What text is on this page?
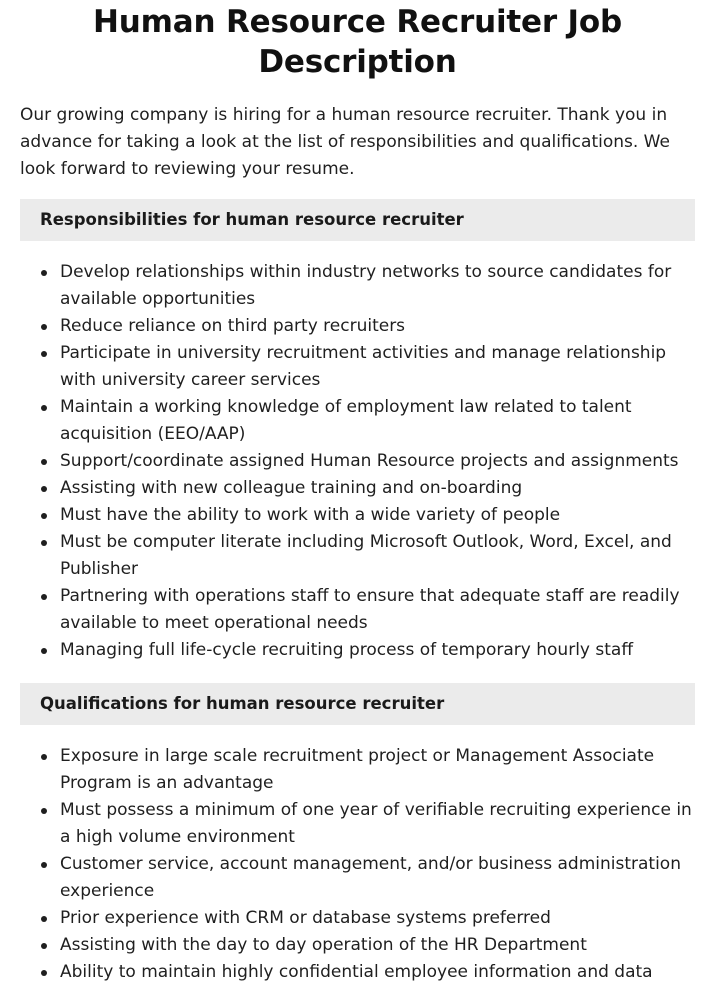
Human Resource Recruiter Job Description

Our growing company is hiring for a human resource recruiter. Thank you in advance for taking a look at the list of responsibilities and qualifications. We look forward to reviewing your resume.

Responsibilities for human resource recruiter
Develop relationships within industry networks to source candidates for available opportunities
Reduce reliance on third party recruiters
Participate in university recruitment activities and manage relationship with university career services
Maintain a working knowledge of employment law related to talent acquisition (EEO/AAP)
Support/coordinate assigned Human Resource projects and assignments
Assisting with new colleague training and on-boarding
Must have the ability to work with a wide variety of people
Must be computer literate including Microsoft Outlook, Word, Excel, and Publisher
Partnering with operations staff to ensure that adequate staff are readily available to meet operational needs
Managing full life-cycle recruiting process of temporary hourly staff
Qualifications for human resource recruiter
Exposure in large scale recruitment project or Management Associate Program is an advantage
Must possess a minimum of one year of verifiable recruiting experience in a high volume environment
Customer service, account management, and/or business administration experience
Prior experience with CRM or database systems preferred
Assisting with the day to day operation of the HR Department
Ability to maintain highly confidential employee information and data
